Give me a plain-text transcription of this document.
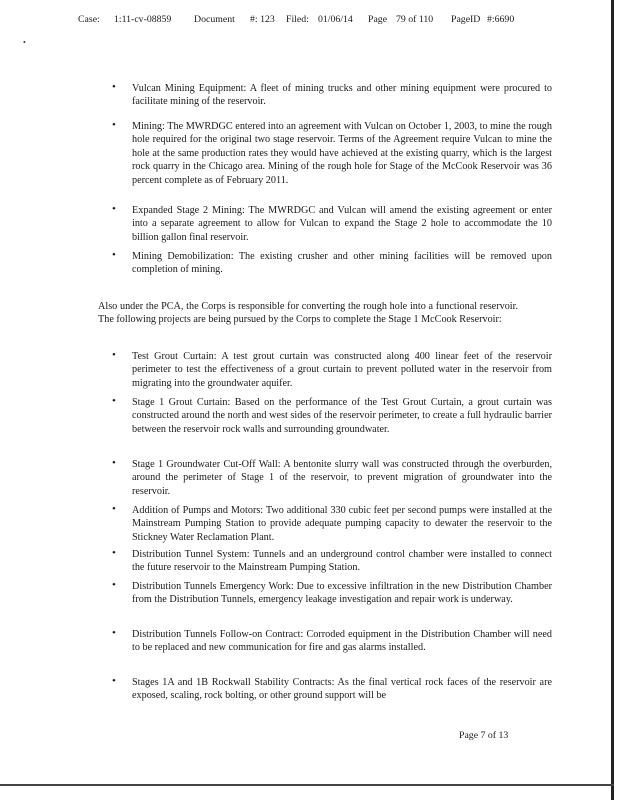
•
Case: 1:11-cv-08859 Document #: 123 Filed: 01/06/14 Page 79 of 110 PageID #:6690
• Vulcan Mining Equipment: A fleet of mining trucks and other mining equipment were procured to facilitate mining of the reservoir.

• Mining: The MWRDGC entered into an agreement with Vulcan on October 1, 2003, to mine the rough hole required for the original two stage reservoir. Terms of the Agreement require Vulcan to mine the hole at the same production rates they would have achieved at the existing quarry, which is the largest rock quarry in the Chicago area. Mining of the rough hole for Stage of the McCook Reservoir was 36 percent complete as of February 2011.

• Expanded Stage 2 Mining: The MWRDGC and Vulcan will amend the existing agreement or enter into a separate agreement to allow for Vulcan to expand the Stage 2 hole to accommodate the 10 billion gallon final reservoir.

• Mining Demobilization: The existing crusher and other mining facilities will be removed upon completion of mining.

Also under the PCA, the Corps is responsible for converting the rough hole into a functional reservoir. The following projects are being pursued by the Corps to complete the Stage 1 McCook Reservoir:

• Test Grout Curtain: A test grout curtain was constructed along 400 linear feet of the reservoir perimeter to test the effectiveness of a grout curtain to prevent polluted water in the reservoir from migrating into the groundwater aquifer.

• Stage 1 Grout Curtain: Based on the performance of the Test Grout Curtain, a grout curtain was constructed around the north and west sides of the reservoir perimeter, to create a full hydraulic barrier between the reservoir rock walls and surrounding groundwater.

• Stage 1 Groundwater Cut-Off Wall: A bentonite slurry wall was constructed through the overburden, around the perimeter of Stage 1 of the reservoir, to prevent migration of groundwater into the reservoir.

• Addition of Pumps and Motors: Two additional 330 cubic feet per second pumps were installed at the Mainstream Pumping Station to provide adequate pumping capacity to dewater the reservoir to the Stickney Water Reclamation Plant.

• Distribution Tunnel System: Tunnels and an underground control chamber were installed to connect the future reservoir to the Mainstream Pumping Station.

• Distribution Tunnels Emergency Work: Due to excessive infiltration in the new Distribution Chamber from the Distribution Tunnels, emergency leakage investigation and repair work is underway.

• Distribution Tunnels Follow-on Contract: Corroded equipment in the Distribution Chamber will need to be replaced and new communication for fire and gas alarms installed.

• Stages 1A and 1B Rockwall Stability Contracts: As the final vertical rock faces of the reservoir are exposed, scaling, rock bolting, or other ground support will be

Page 7 of 13
